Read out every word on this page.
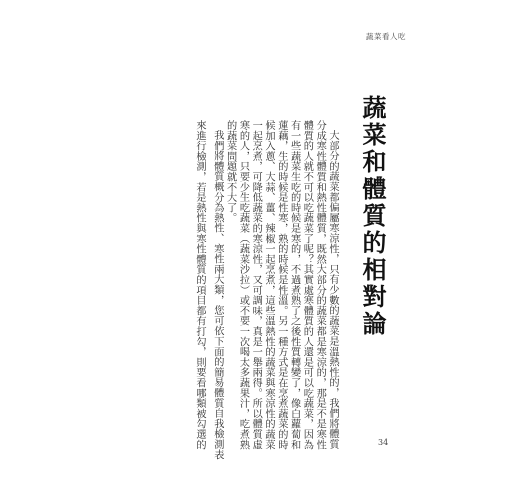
蔬菜看人吃
蔬菜和體質的相對論
大部分的蔬菜都偏屬寒涼性，只有少數的蔬菜是溫熱性的，我們將體質
分成寒性體質和熱性體質，既然大部分的蔬菜都是寒涼的，那是不是寒性
體質的人就不可以吃蔬菜了呢？其實處寒體質的人還是可以吃蔬菜，因為
有一些蔬菜生吃的時候是寒的，不過煮熟了之後性質轉變了，像白蘿蔔和
蓮藕，生的時候是性寒，熟的時候是性溫。另一種方式是在烹煮蔬菜的時
候加入蔥、大蒜、薑、辣椒一起烹煮，這些溫熱性的蔬菜與寒涼性的蔬菜
一起烹煮，可降低蔬菜的寒涼性，又可調味，真是一舉兩得。所以體質虛
寒的人，只要少生吃蔬菜（蔬菜沙拉）或不要一次喝太多蔬果汁，吃煮熟
的蔬菜問題就不大了。
我們將體質概分為熱性、寒性兩大類，您可依下面的簡易體質自我檢測表
來進行檢測，若是熱性與寒性體質的項目都有打勾，則要看哪類被勾選的	34
